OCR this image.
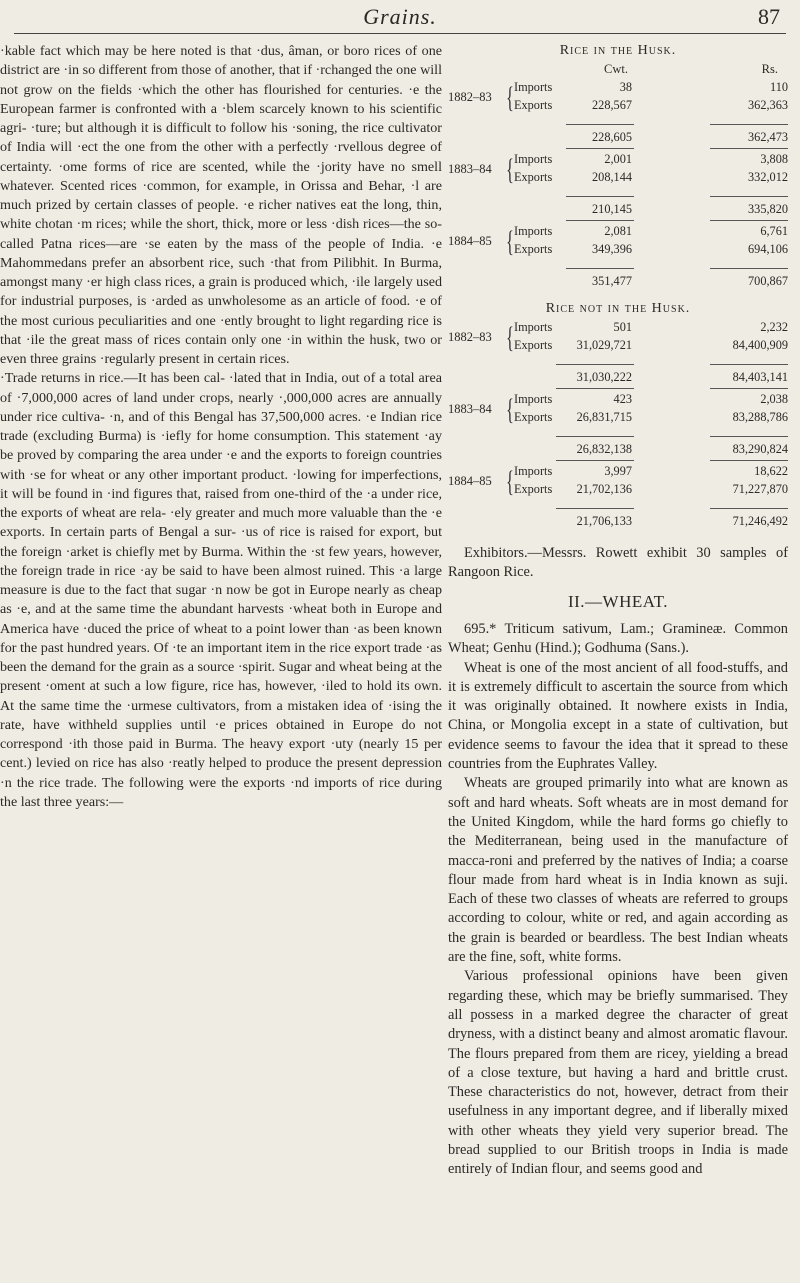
Grains.	87

·kable fact which may be here noted is that ·dus, âman, or boro rices of one district are ·in so different from those of another, that if ·rchanged the one will not grow on the fields ·which the other has flourished for centuries. ·e the European farmer is confronted with a ·blem scarcely known to his scientific agri- ·ture; but although it is difficult to follow his ·soning, the rice cultivator of India will ·ect the one from the other with a perfectly ·rvellous degree of certainty. ·ome forms of rice are scented, while the ·jority have no smell whatever. Scented rices ·common, for example, in Orissa and Behar, ·l are much prized by certain classes of people. ·e richer natives eat the long, thin, white chotan ·m rices; while the short, thick, more or less ·dish rices—the so-called Patna rices—are ·se eaten by the mass of the people of India. ·e Mahommedans prefer an absorbent rice, such ·that from Pilibhit. In Burma, amongst many ·er high class rices, a grain is produced which, ·ile largely used for industrial purposes, is ·arded as unwholesome as an article of food. ·e of the most curious peculiarities and one ·ently brought to light regarding rice is that ·ile the great mass of rices contain only one ·in within the husk, two or even three grains ·regularly present in certain rices.

·Trade returns in rice.—It has been cal- ·lated that in India, out of a total area of ·7,000,000 acres of land under crops, nearly ·,000,000 acres are annually under rice cultiva- ·n, and of this Bengal has 37,500,000 acres. ·e Indian rice trade (excluding Burma) is ·iefly for home consumption. This statement ·ay be proved by comparing the area under ·e and the exports to foreign countries with ·se for wheat or any other important product. ·lowing for imperfections, it will be found in ·ind figures that, raised from one-third of the ·a under rice, the exports of wheat are rela- ·ely greater and much more valuable than the ·e exports. In certain parts of Bengal a sur- ·us of rice is raised for export, but the foreign ·arket is chiefly met by Burma. Within the ·st few years, however, the foreign trade in rice ·ay be said to have been almost ruined. This ·a large measure is due to the fact that sugar ·n now be got in Europe nearly as cheap as ·e, and at the same time the abundant harvests ·wheat both in Europe and America have ·duced the price of wheat to a point lower than ·as been known for the past hundred years. Of ·te an important item in the rice export trade ·as been the demand for the grain as a source ·spirit. Sugar and wheat being at the present ·oment at such a low figure, rice has, however, ·iled to hold its own. At the same time the ·urmese cultivators, from a mistaken idea of ·ising the rate, have withheld supplies until ·e prices obtained in Europe do not correspond ·ith those paid in Burma. The heavy export ·uty (nearly 15 per cent.) levied on rice has also ·reatly helped to produce the present depression ·n the rice trade. The following were the exports ·nd imports of rice during the last three years:—

Rice in the Husk.
Cwt.	Rs.
1882–83 { Imports	38	110
Exports	228,567	362,363
228,605	362,473
1883–84 { Imports	2,001	3,808
Exports	208,144	332,012
210,145	335,820
1884–85 { Imports	2,081	6,761
Exports	349,396	694,106
351,477	700,867
Rice not in the Husk.
1882–83 { Imports	501	2,232
Exports 31,029,721	84,400,909
31,030,222	84,403,141
1883–84 { Imports	423	2,038
Exports 26,831,715	83,288,786
26,832,138	83,290,824
1884–85 { Imports	3,997	18,622
Exports 21,702,136	71,227,870
21,706,133	71,246,492

Exhibitors.—Messrs. Rowett exhibit 30 samples of Rangoon Rice.

II.—WHEAT.

695.* Triticum sativum, Lam.; Gramineæ. Common Wheat; Genhu (Hind.); Godhuma (Sans.).

Wheat is one of the most ancient of all food-stuffs, and it is extremely difficult to ascertain the source from which it was originally obtained. It nowhere exists in India, China, or Mongolia except in a state of cultivation, but evidence seems to favour the idea that it spread to these countries from the Euphrates Valley.

Wheats are grouped primarily into what are known as soft and hard wheats. Soft wheats are in most demand for the United Kingdom, while the hard forms go chiefly to the Mediterranean, being used in the manufacture of macca-roni and preferred by the natives of India; a coarse flour made from hard wheat is in India known as suji. Each of these two classes of wheats are referred to groups according to colour, white or red, and again according as the grain is bearded or beardless. The best Indian wheats are the fine, soft, white forms.

Various professional opinions have been given regarding these, which may be briefly summarised. They all possess in a marked degree the character of great dryness, with a distinct beany and almost aromatic flavour. The flours prepared from them are ricey, yielding a bread of a close texture, but having a hard and brittle crust. These characteristics do not, however, detract from their usefulness in any important degree, and if liberally mixed with other wheats they yield very superior bread. The bread supplied to our British troops in India is made entirely of Indian flour, and seems good and
